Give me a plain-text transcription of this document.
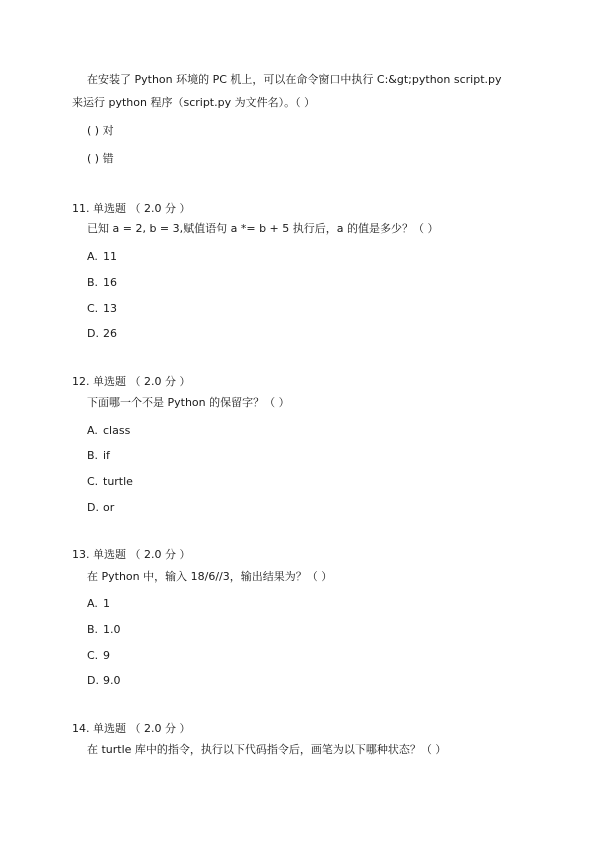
在安装了 Python 环境的 PC 机上，可以在命令窗口中执行 C:&gt;python script.py
来运行 python 程序（script.py 为文件名）。（ ）
( ) 对
( ) 错
11. 单选题 （ 2.0 分 ）
已知 a = 2, b = 3,赋值语句 a *= b + 5 执行后，a 的值是多少？（ ）
A. 11
B. 16
C. 13
D. 26
12. 单选题 （ 2.0 分 ）
下面哪一个不是 Python 的保留字？（ ）
A. class
B. if
C. turtle
D. or
13. 单选题 （ 2.0 分 ）
在 Python 中，输入 18/6//3，输出结果为？（ ）
A. 1
B. 1.0
C. 9
D. 9.0
14. 单选题 （ 2.0 分 ）
在 turtle 库中的指令，执行以下代码指令后，画笔为以下哪种状态？（ ）
